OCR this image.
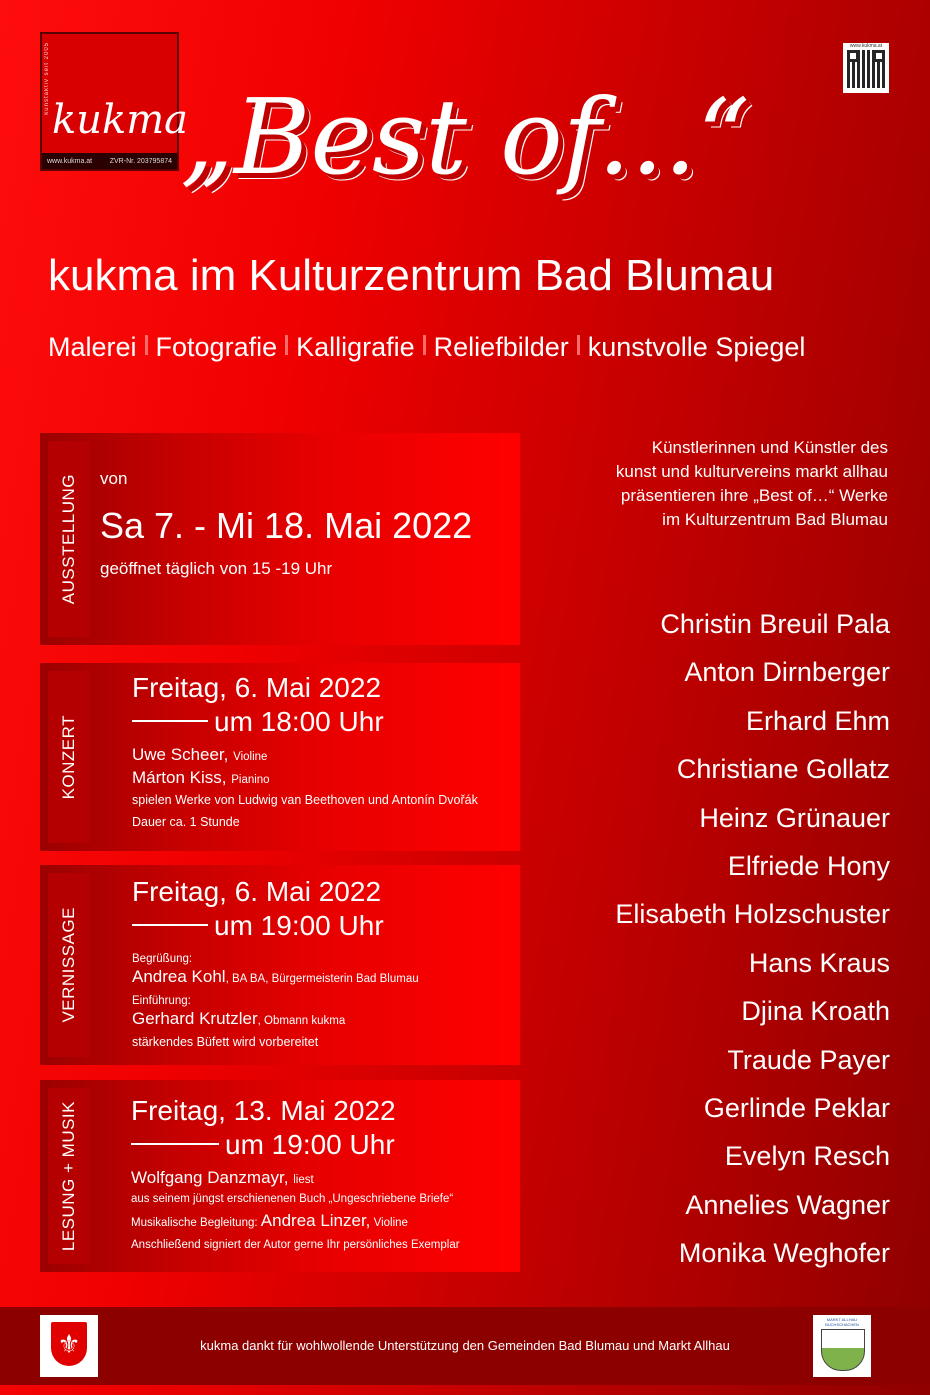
kunstaktiv seit 2005
kukma
www.kukma.at	ZVR-Nr. 203795874
www.kukma.at
„Best of...“
kukma im Kulturzentrum Bad Blumau
Malerei Fotografie Kalligrafie Reliefbilder kunstvolle Spiegel
AUSSTELLUNG von
Sa 7. - Mi 18. Mai 2022
geöffnet täglich von 15 -19 Uhr
KONZERT
Freitag, 6. Mai 2022
um 18:00 Uhr
Uwe Scheer, Violine
Márton Kiss, Pianino
spielen Werke von Ludwig van Beethoven und Antonín Dvořák
Dauer ca. 1 Stunde
VERNISSAGE
Freitag, 6. Mai 2022
um 19:00 Uhr
Begrüßung:
Andrea Kohl, BA BA, Bürgermeisterin Bad Blumau
Einführung:
Gerhard Krutzler, Obmann kukma
stärkendes Büfett wird vorbereitet
LESUNG + MUSIK Freitag, 13. Mai 2022
um 19:00 Uhr
Wolfgang Danzmayr, liest
aus seinem jüngst erschienenen Buch „Ungeschriebene Briefe“
Musikalische Begleitung: Andrea Linzer, Violine
Anschließend signiert der Autor gerne Ihr persönliches Exemplar
Künstlerinnen und Künstler des
kunst und kulturvereins markt allhau
präsentieren ihre „Best of…“ Werke
im Kulturzentrum Bad Blumau
Christin Breuil Pala
Anton Dirnberger
Erhard Ehm
Christiane Gollatz
Heinz Grünauer
Elfriede Hony
Elisabeth Holzschuster
Hans Kraus
Djina Kroath
Traude Payer
Gerlinde Peklar
Evelyn Resch
Annelies Wagner
Monika Weghofer
⚜
MARKT ALLHAU BUCHSCHACHEN
kukma dankt für wohlwollende Unterstützung den Gemeinden Bad Blumau und Markt Allhau
